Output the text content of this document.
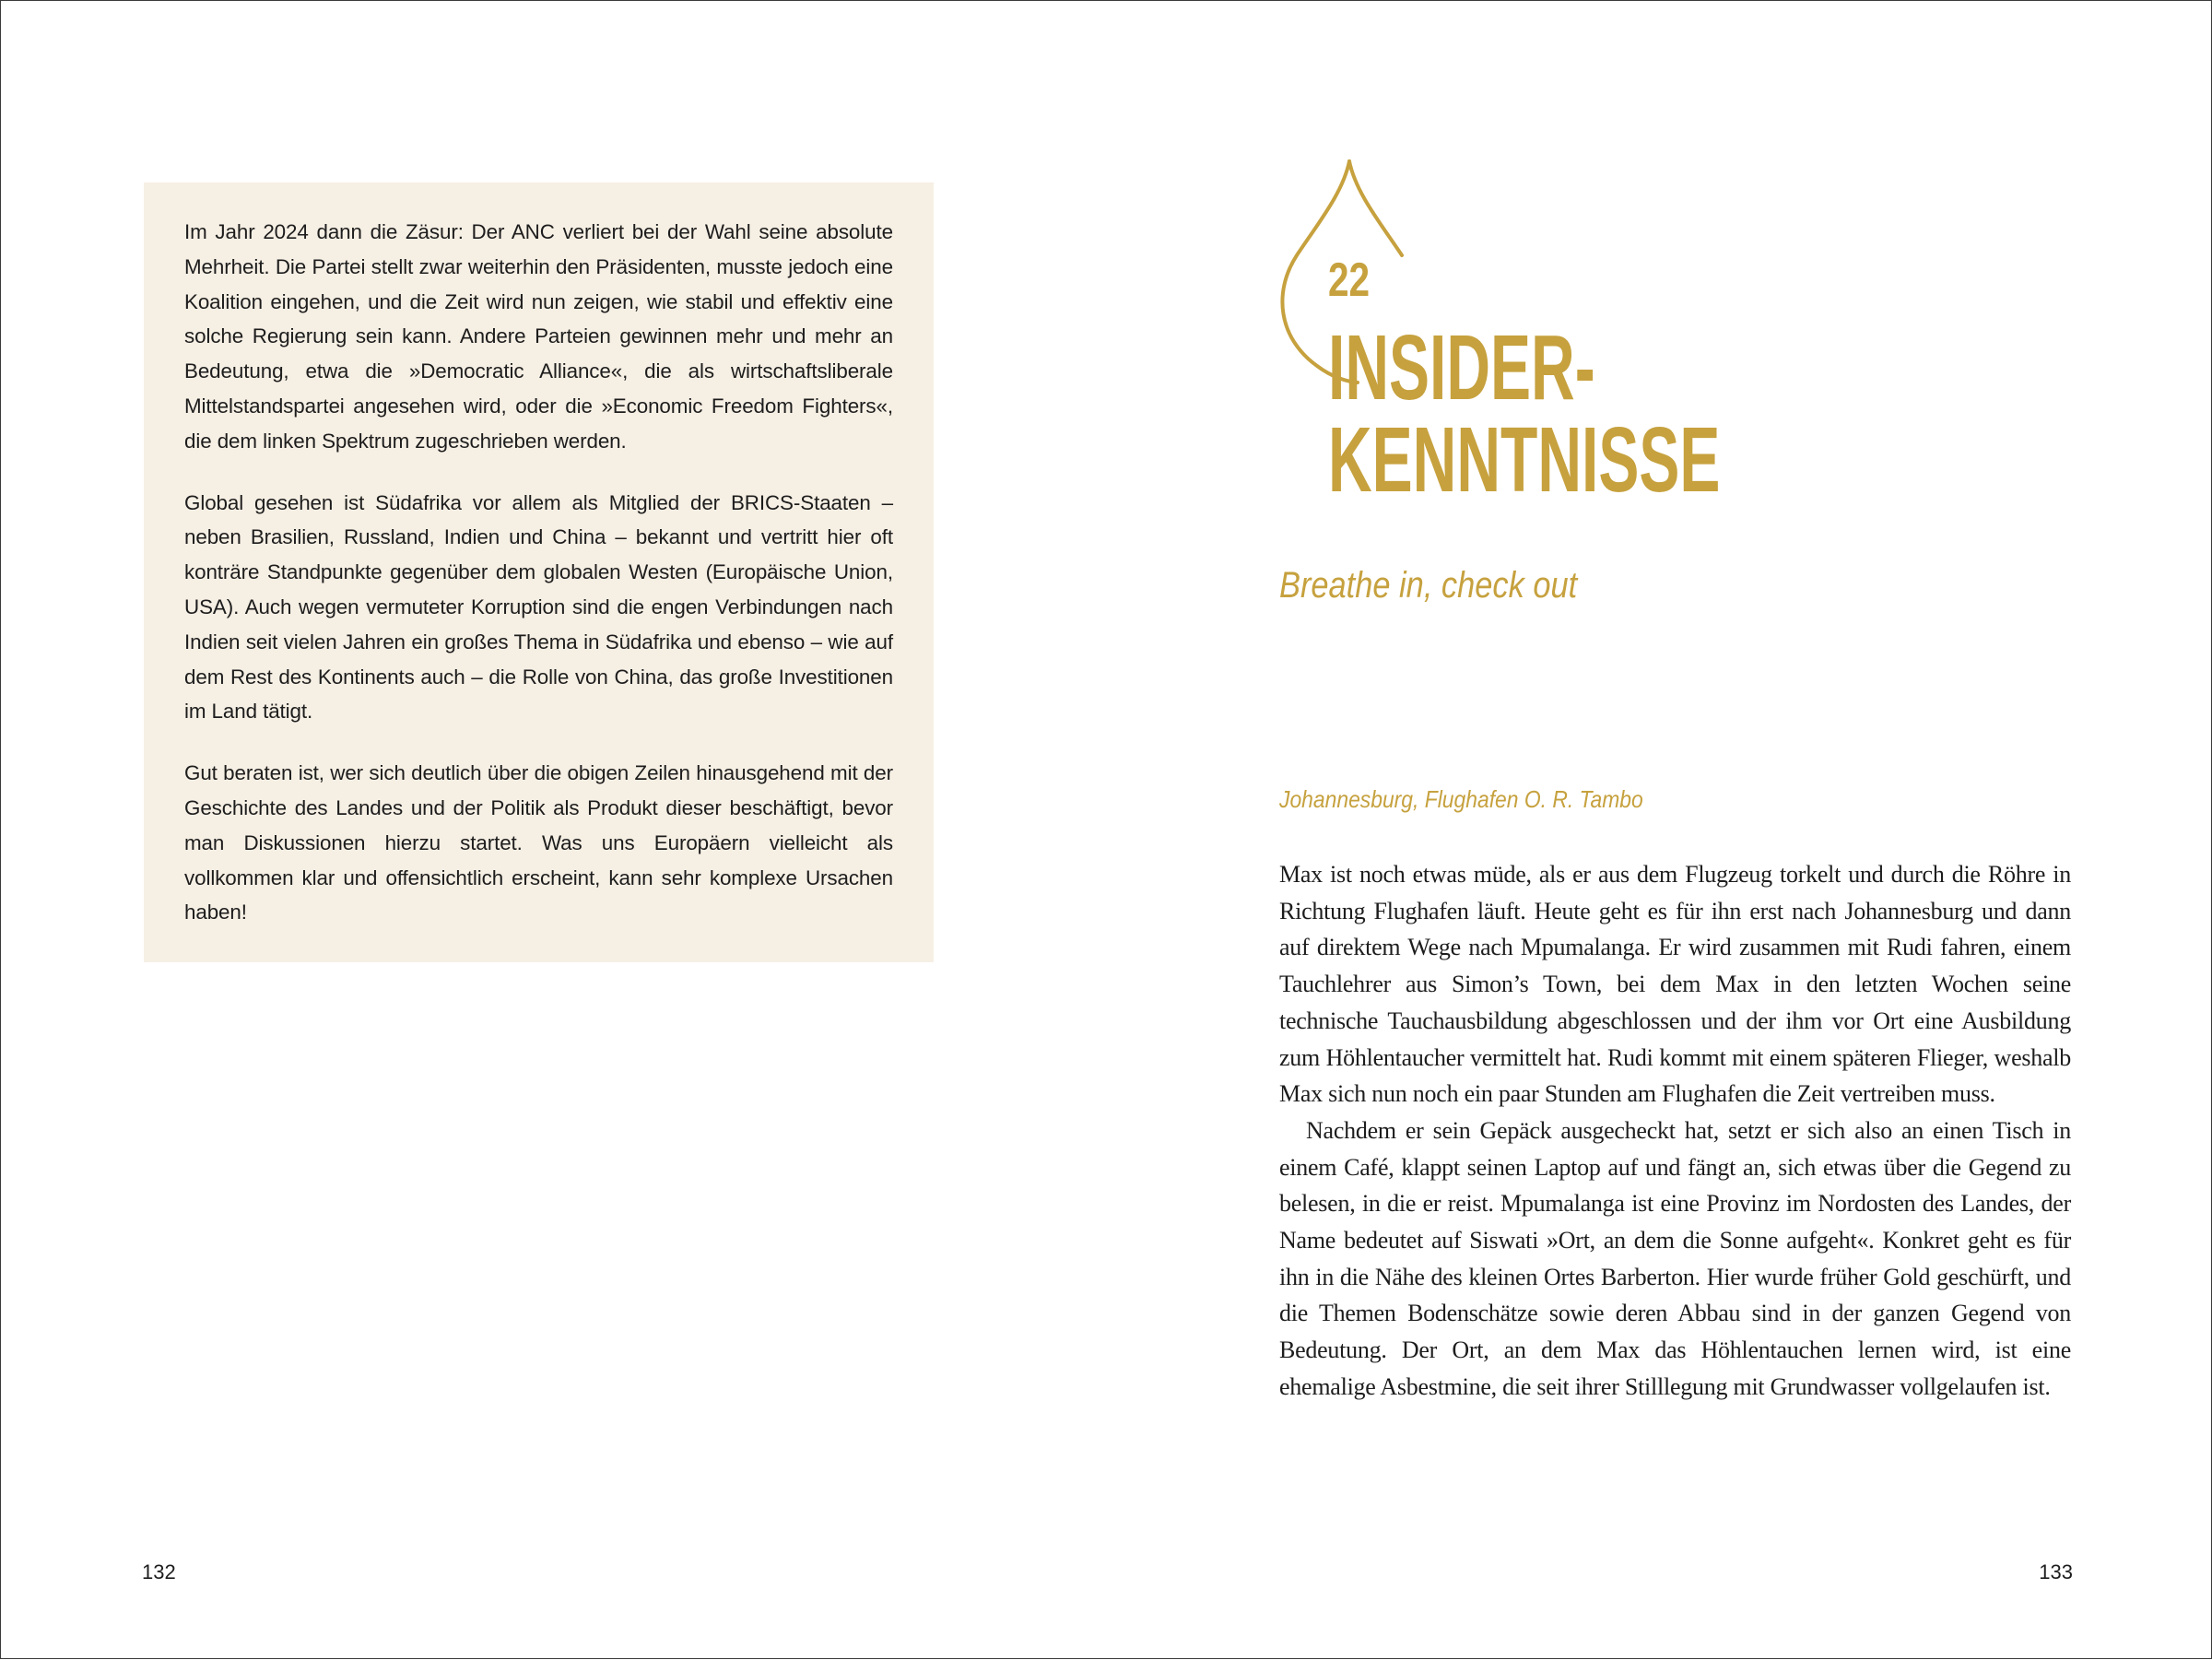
Im Jahr 2024 dann die Zäsur: Der ANC verliert bei der Wahl seine absolute Mehrheit. Die Partei stellt zwar weiterhin den Präsidenten, musste jedoch eine Koalition eingehen, und die Zeit wird nun zeigen, wie stabil und effektiv eine solche Regierung sein kann. Andere Parteien gewinnen mehr und mehr an Bedeutung, etwa die »Democratic Alliance«, die als wirtschaftsliberale Mittelstandspartei angesehen wird, oder die »Economic Freedom Fighters«, die dem linken Spektrum zugeschrieben werden.

Global gesehen ist Südafrika vor allem als Mitglied der BRICS-Staaten – neben Brasilien, Russland, Indien und China – bekannt und vertritt hier oft konträre Standpunkte gegenüber dem globalen Westen (Europäische Union, USA). Auch wegen vermuteter Korruption sind die engen Verbindungen nach Indien seit vielen Jahren ein großes Thema in Südafrika und ebenso – wie auf dem Rest des Kontinents auch – die Rolle von China, das große Investitionen im Land tätigt.

Gut beraten ist, wer sich deutlich über die obigen Zeilen hinausgehend mit der Geschichte des Landes und der Politik als Produkt dieser beschäftigt, bevor man Diskussionen hierzu startet. Was uns Europäern vielleicht als vollkommen klar und offensichtlich erscheint, kann sehr komplexe Ursachen haben!

132
22
INSIDER-
KENNTNISSE
Breathe in, check out
Johannesburg, Flughafen O. R. Tambo

Max ist noch etwas müde, als er aus dem Flugzeug torkelt und durch die Röhre in Richtung Flughafen läuft. Heute geht es für ihn erst nach Johannesburg und dann auf direktem Wege nach Mpumalanga. Er wird zusammen mit Rudi fahren, einem Tauchlehrer aus Simon’s Town, bei dem Max in den letzten Wochen seine technische Tauchausbildung abgeschlossen und der ihm vor Ort eine Ausbildung zum Höhlentaucher vermittelt hat. Rudi kommt mit einem späteren Flieger, weshalb Max sich nun noch ein paar Stunden am Flughafen die Zeit vertreiben muss.

Nachdem er sein Gepäck ausgecheckt hat, setzt er sich also an einen Tisch in einem Café, klappt seinen Laptop auf und fängt an, sich etwas über die Gegend zu belesen, in die er reist. Mpumalanga ist eine Provinz im Nordosten des Landes, der Name bedeutet auf Siswati »Ort, an dem die Sonne aufgeht«. Konkret geht es für ihn in die Nähe des kleinen Ortes Barberton. Hier wurde früher Gold geschürft, und die Themen Bodenschätze sowie deren Abbau sind in der ganzen Gegend von Bedeutung. Der Ort, an dem Max das Höhlentauchen lernen wird, ist eine ehemalige Asbestmine, die seit ihrer Stilllegung mit Grundwasser vollgelaufen ist.

133
